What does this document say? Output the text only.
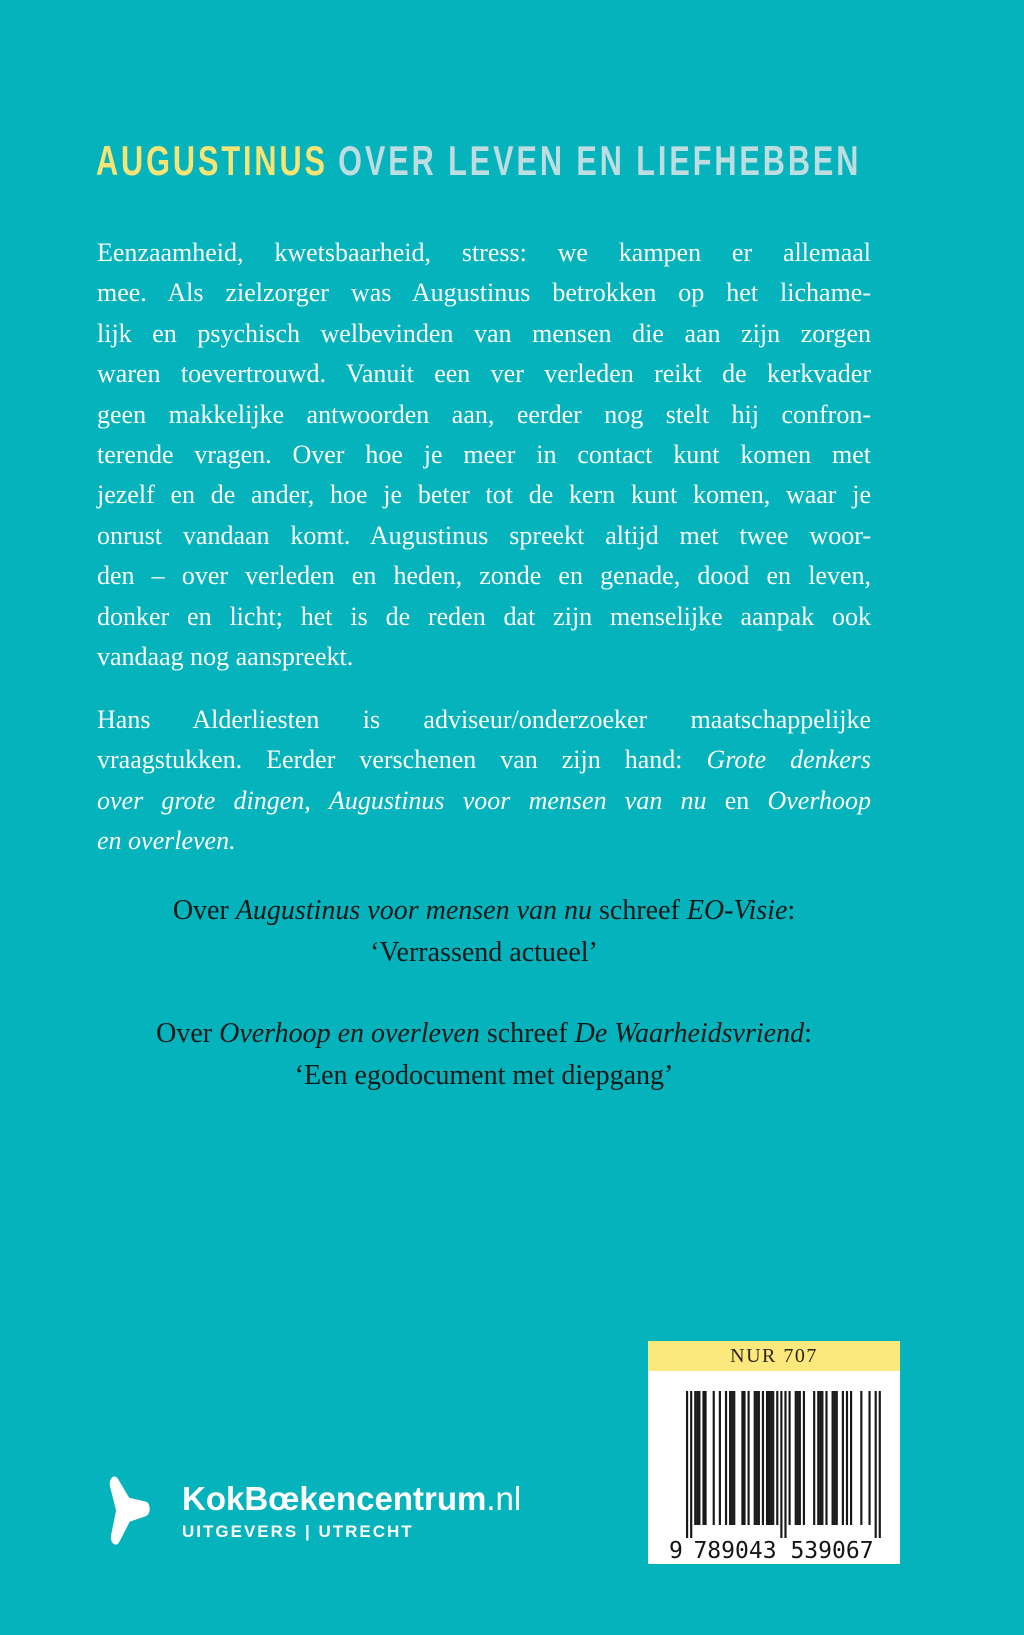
AUGUSTINUS OVER LEVEN EN LIEFHEBBEN
Eenzaamheid, kwetsbaarheid, stress: we kampen er allemaal
mee. Als zielzorger was Augustinus betrokken op het lichame-
lijk en psychisch welbevinden van mensen die aan zijn zorgen
waren toevertrouwd. Vanuit een ver verleden reikt de kerkvader
geen makkelijke antwoorden aan, eerder nog stelt hij confron-
terende vragen. Over hoe je meer in contact kunt komen met
jezelf en de ander, hoe je beter tot de kern kunt komen, waar je
onrust vandaan komt. Augustinus spreekt altijd met twee woor-
den – over verleden en heden, zonde en genade, dood en leven,
donker en licht; het is de reden dat zijn menselijke aanpak ook
vandaag nog aanspreekt.
Hans Alderliesten is adviseur/onderzoeker maatschappelijke
vraagstukken. Eerder verschenen van zijn hand: Grote denkers
over grote dingen, Augustinus voor mensen van nu en Overhoop
en overleven.
Over Augustinus voor mensen van nu schreef EO-Visie:
‘Verrassend actueel’
Over Overhoop en overleven schreef De Waarheidsvriend:
‘Een egodocument met diepgang’
NUR 707
9 789043 539067
KokBœkencentrum.nl
UITGEVERS | UTRECHT
